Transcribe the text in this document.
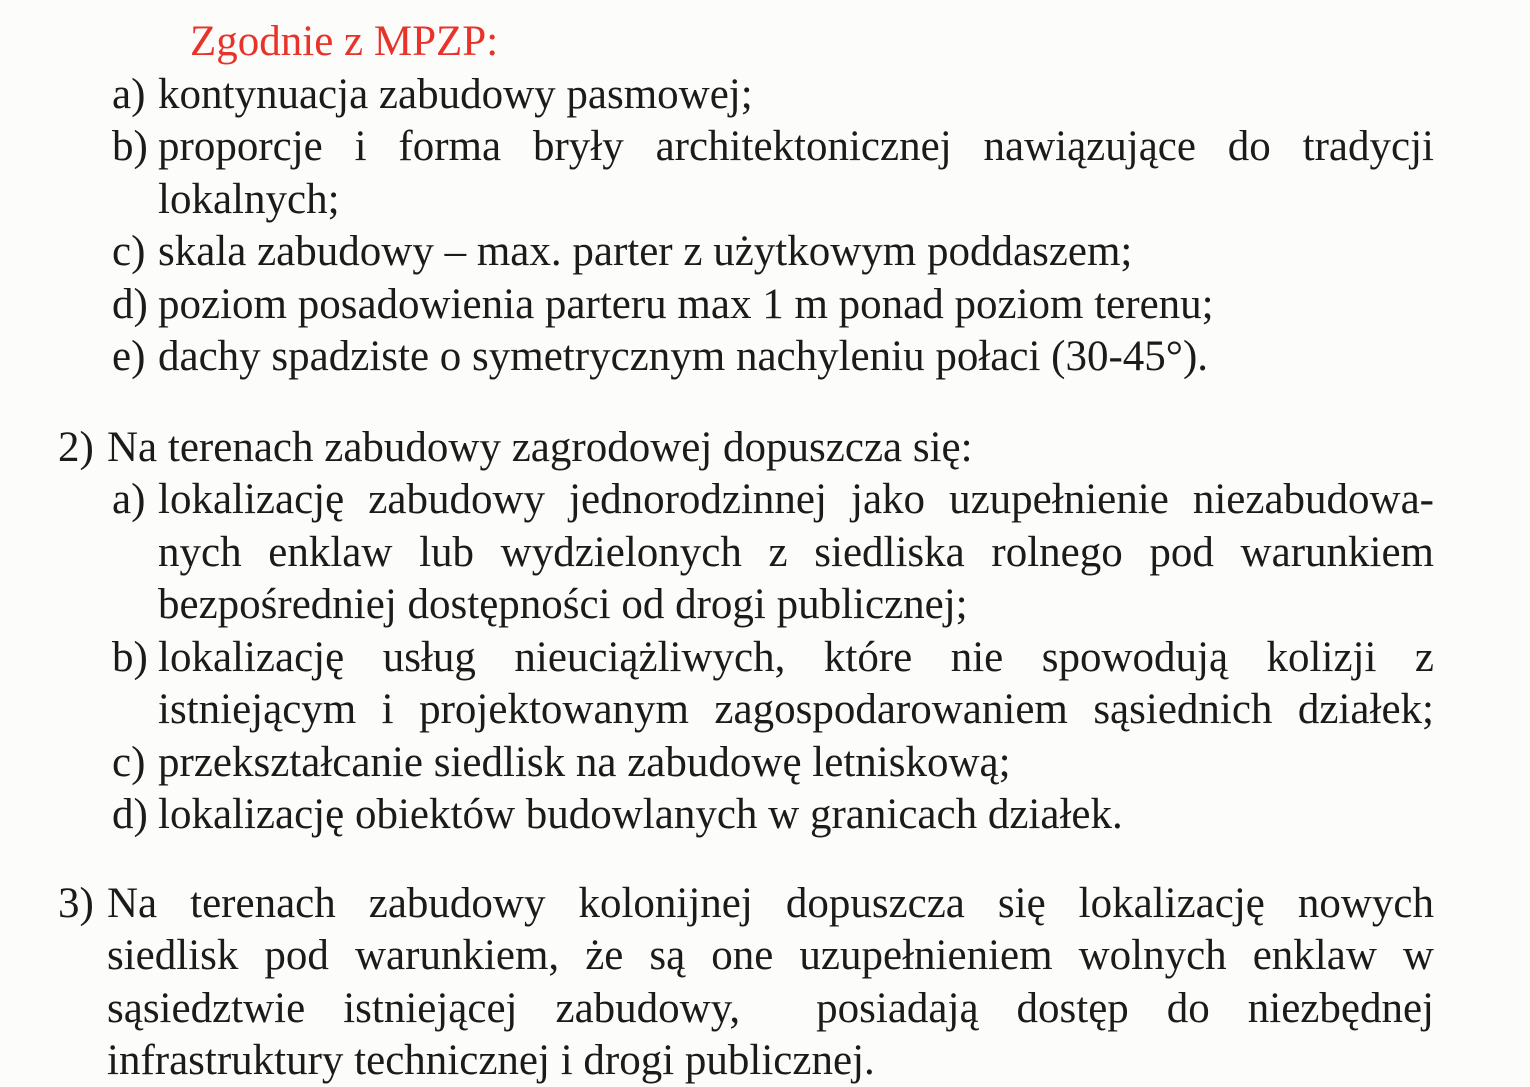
Zgodnie z MPZP:
a) kontynuacja zabudowy pasmowej;
b) proporcje i forma bryły architektonicznej nawiązujące do tradycji
lokalnych;
c) skala zabudowy – max. parter z użytkowym poddaszem;
d) poziom posadowienia parteru max 1 m ponad poziom terenu;
e) dachy spadziste o symetrycznym nachyleniu połaci (30-45°).
2) Na terenach zabudowy zagrodowej dopuszcza się:
a) lokalizację zabudowy jednorodzinnej jako uzupełnienie niezabudowa-
nych enklaw lub wydzielonych z siedliska rolnego pod warunkiem
bezpośredniej dostępności od drogi publicznej;
b) lokalizację usług nieuciążliwych, które nie spowodują kolizji z
istniejącym i projektowanym zagospodarowaniem sąsiednich działek;
c) przekształcanie siedlisk na zabudowę letniskową;
d) lokalizację obiektów budowlanych w granicach działek.
3) Na terenach zabudowy kolonijnej dopuszcza się lokalizację nowych
siedlisk pod warunkiem, że są one uzupełnieniem wolnych enklaw w
sąsiedztwie istniejącej zabudowy,  posiadają dostęp do niezbędnej
infrastruktury technicznej i drogi publicznej.
